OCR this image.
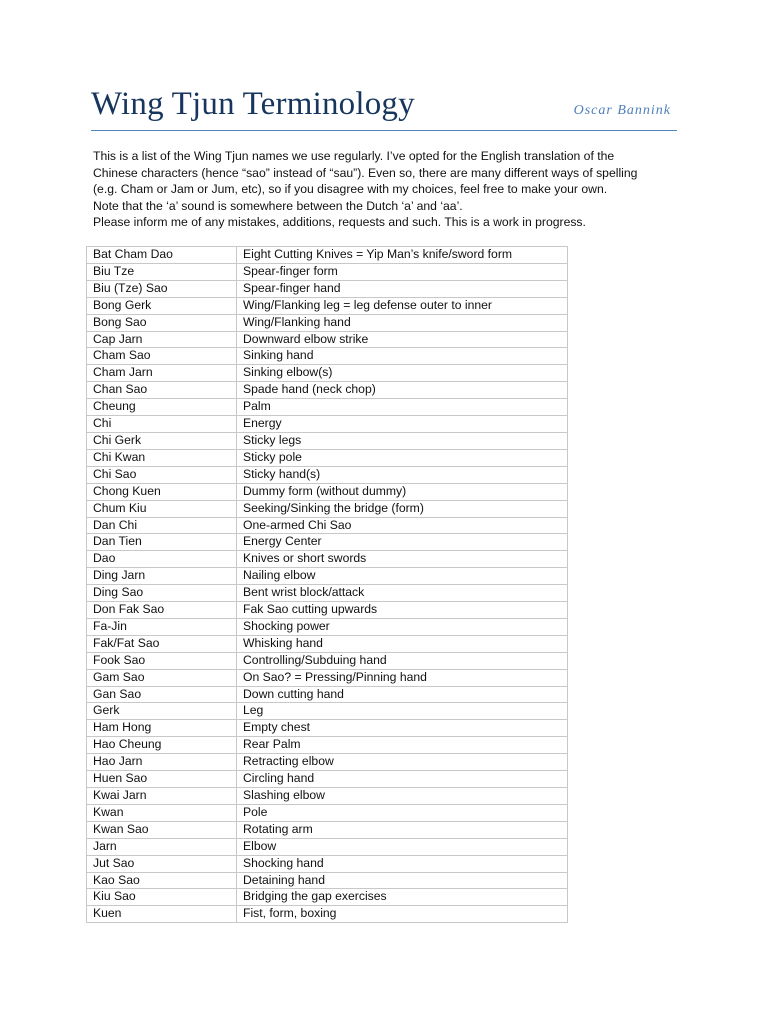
Wing Tjun Terminology	Oscar Bannink

This is a list of the Wing Tjun names we use regularly. I’ve opted for the English translation of the

Chinese characters (hence “sao” instead of “sau”). Even so, there are many different ways of spelling

(e.g. Cham or Jam or Jum, etc), so if you disagree with my choices, feel free to make your own.

Note that the ‘a’ sound is somewhere between the Dutch ‘a’ and ‘aa’.

Please inform me of any mistakes, additions, requests and such. This is a work in progress.

Bat Cham Dao	Eight Cutting Knives = Yip Man’s knife/sword form
Biu Tze	Spear-finger form
Biu (Tze) Sao	Spear-finger hand
Bong Gerk	Wing/Flanking leg = leg defense outer to inner
Bong Sao	Wing/Flanking hand
Cap Jarn	Downward elbow strike
Cham Sao	Sinking hand
Cham Jarn	Sinking elbow(s)
Chan Sao	Spade hand (neck chop)
Cheung	Palm
Chi	Energy
Chi Gerk	Sticky legs
Chi Kwan	Sticky pole
Chi Sao	Sticky hand(s)
Chong Kuen	Dummy form (without dummy)
Chum Kiu	Seeking/Sinking the bridge (form)
Dan Chi	One-armed Chi Sao
Dan Tien	Energy Center
Dao	Knives or short swords
Ding Jarn	Nailing elbow
Ding Sao	Bent wrist block/attack
Don Fak Sao	Fak Sao cutting upwards
Fa-Jin	Shocking power
Fak/Fat Sao	Whisking hand
Fook Sao	Controlling/Subduing hand
Gam Sao	On Sao? = Pressing/Pinning hand
Gan Sao	Down cutting hand
Gerk	Leg
Ham Hong	Empty chest
Hao Cheung	Rear Palm
Hao Jarn	Retracting elbow
Huen Sao	Circling hand
Kwai Jarn	Slashing elbow
Kwan	Pole
Kwan Sao	Rotating arm
Jarn	Elbow
Jut Sao	Shocking hand
Kao Sao	Detaining hand
Kiu Sao	Bridging the gap exercises
Kuen	Fist, form, boxing
